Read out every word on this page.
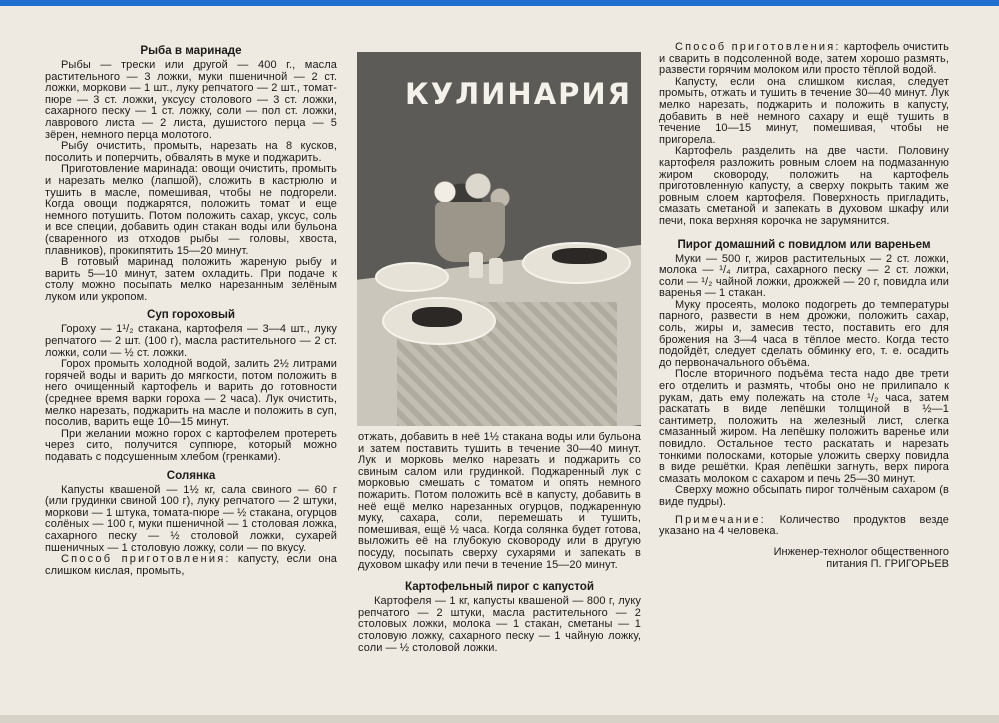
Рыба в маринаде

Рыбы — трески или другой — 400 г., масла растительного — 3 ложки, муки пшеничной — 2 ст. ложки, моркови — 1 шт., луку репчатого — 2 шт., томат-пюре — 3 ст. ложки, уксусу столового — 3 ст. ложки, сахарного песку — 1 ст. ложку, соли — пол ст. ложки, лаврового листа — 2 листа, душистого перца — 5 зёрен, немного перца молотого.

Рыбу очистить, промыть, нарезать на 8 кусков, посолить и поперчить, обвалять в муке и поджарить.

Приготовление маринада: овощи очистить, промыть и нарезать мелко (лапшой), сложить в кастрюлю и тушить в масле, помешивая, чтобы не подгорели. Когда овощи поджарятся, положить томат и еще немного потушить. Потом положить сахар, уксус, соль и все специи, добавить один стакан воды или бульона (сваренного из отходов рыбы — головы, хвоста, плавников), прокипятить 15—20 минут.

В готовый маринад положить жареную рыбу и варить 5—10 минут, затем охладить. При подаче к столу можно посыпать мелко нарезанным зелёным луком или укропом.

Суп гороховый

Гороху — 1¹/₂ стакана, картофеля — 3—4 шт., луку репчатого — 2 шт. (100 г), масла растительного — 2 ст. ложки, соли — ½ ст. ложки.

Горох промыть холодной водой, залить 2½ литрами горячей воды и варить до мягкости, потом положить в него очищенный картофель и варить до готовности (среднее время варки гороха — 2 часа). Лук очистить, мелко нарезать, поджарить на масле и положить в суп, посолив, варить еще 10—15 минут.

При желании можно горох с картофелем протереть через сито, получится суппюре, который можно подавать с подсушенным хлебом (гренками).

Солянка

Капусты квашеной — 1½ кг, сала свиного — 60 г (или грудинки свиной 100 г), луку репчатого — 2 штуки, моркови — 1 штука, томата-пюре — ½ стакана, огурцов солёных — 100 г, муки пшеничной — 1 столовая ложка, сахарного песку — ½ столовой ложки, сухарей пшеничных — 1 столовую ложку, соли — по вкусу.

Способ приготовления: капусту, если она слишком кислая, промыть,

КУЛИНАРИЯ

отжать, добавить в неё 1½ стакана воды или бульона и затем поставить тушить в течение 30—40 минут. Лук и морковь мелко нарезать и поджарить со свиным салом или грудинкой. Поджаренный лук с морковью смешать с томатом и опять немного пожарить. Потом положить всё в капусту, добавить в неё ещё мелко нарезанных огурцов, поджаренную муку, сахара, соли, перемешать и тушить, помешивая, ещё ½ часа. Когда солянка будет готова, выложить её на глубокую сковороду или в другую посуду, посыпать сверху сухарями и запекать в духовом шкафу или печи в течение 15—20 минут.

Картофельный пирог с капустой

Картофеля — 1 кг, капусты квашеной — 800 г, луку репчатого — 2 штуки, масла растительного — 2 столовых ложки, молока — 1 стакан, сметаны — 1 столовую ложку, сахарного песку — 1 чайную ложку, соли — ½ столовой ложки.

Способ приготовления: картофель очистить и сварить в подсоленной воде, затем хорошо размять, развести горячим молоком или просто тёплой водой.

Капусту, если она слишком кислая, следует промыть, отжать и тушить в течение 30—40 минут. Лук мелко нарезать, поджарить и положить в капусту, добавить в неё немного сахару и ещё тушить в течение 10—15 минут, помешивая, чтобы не пригорела.

Картофель разделить на две части. Половину картофеля разложить ровным слоем на подмазанную жиром сковороду, положить на картофель приготовленную капусту, а сверху покрыть таким же ровным слоем картофеля. Поверхность пригладить, смазать сметаной и запекать в духовом шкафу или печи, пока верхняя корочка не зарумянится.

Пирог домашний с повидлом или вареньем

Муки — 500 г, жиров растительных — 2 ст. ложки, молока — ¹/₄ литра, сахарного песку — 2 ст. ложки, соли — ¹/₂ чайной ложки, дрожжей — 20 г, повидла или варенья — 1 стакан.

Муку просеять, молоко подогреть до температуры парного, развести в нем дрожжи, положить сахар, соль, жиры и, замесив тесто, поставить его для брожения на 3—4 часа в тёплое место. Когда тесто подойдёт, следует сделать обминку его, т. е. осадить до первоначального объёма.

После вторичного подъёма теста надо две трети его отделить и размять, чтобы оно не прилипало к рукам, дать ему полежать на столе ¹/₂ часа, затем раскатать в виде лепёшки толщиной в ½—1 сантиметр, положить на железный лист, слегка смазанный жиром. На лепёшку положить варенье или повидло. Остальное тесто раскатать и нарезать тонкими полосками, которые уложить сверху повидла в виде решётки. Края лепёшки загнуть, верх пирога смазать молоком с сахаром и печь 25—30 минут.

Сверху можно обсыпать пирог толчёным сахаром (в виде пудры).

Примечание: Количество продуктов везде указано на 4 человека.

Инженер-технолог общественного
питания П. ГРИГОРЬЕВ
